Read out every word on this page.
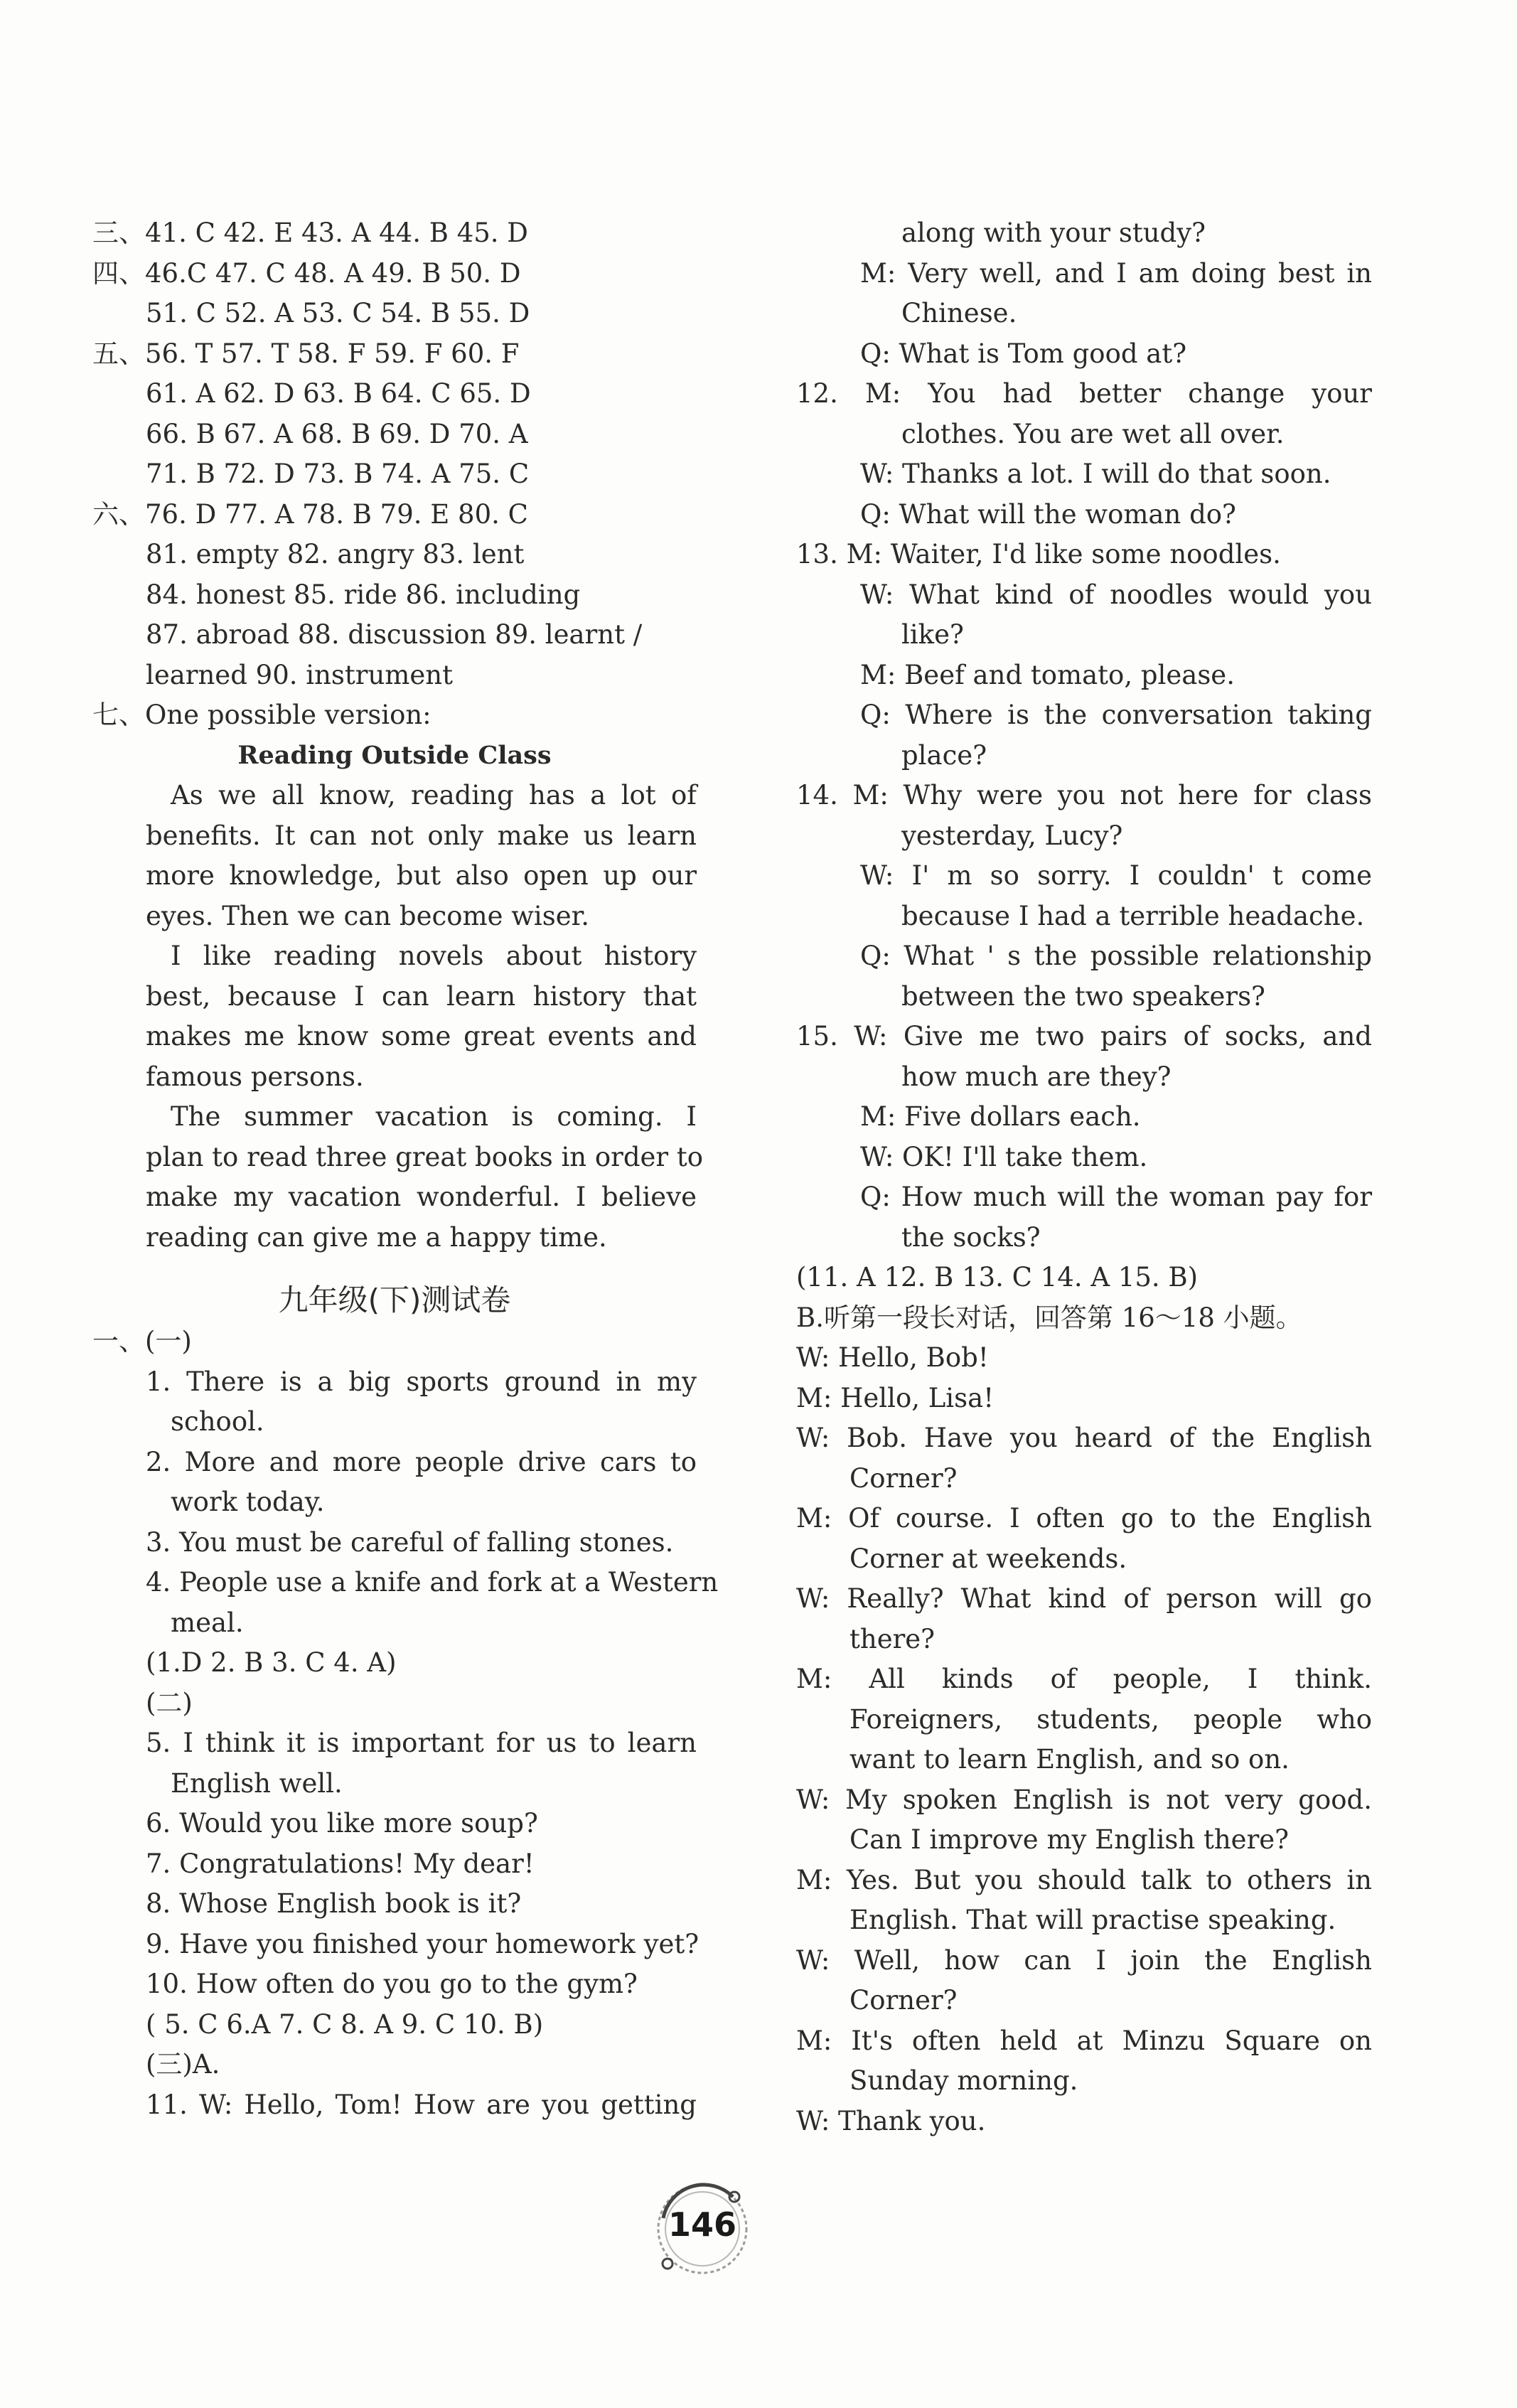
三、41. C 42. E 43. A 44. B 45. D
四、46.C 47. C 48. A 49. B 50. D
51. C 52. A 53. C 54. B 55. D
五、56. T 57. T 58. F 59. F 60. F
61. A 62. D 63. B 64. C 65. D
66. B 67. A 68. B 69. D 70. A
71. B 72. D 73. B 74. A 75. C
六、76. D 77. A 78. B 79. E 80. C
81. empty 82. angry 83. lent
84. honest 85. ride 86. including
87. abroad 88. discussion 89. learnt /
learned 90. instrument
七、One possible version:
Reading Outside Class
As we all know, reading has a lot of
benefits. It can not only make us learn
more knowledge, but also open up our
eyes. Then we can become wiser.
I like reading novels about history
best, because I can learn history that
makes me know some great events and
famous persons.
The summer vacation is coming. I
plan to read three great books in order to
make my vacation wonderful. I believe
reading can give me a happy time.
九年级(下)测试卷
一、(一)
1. There is a big sports ground in my
school.
2. More and more people drive cars to
work today.
3. You must be careful of falling stones.
4. People use a knife and fork at a Western
meal.
(1.D 2. B 3. C 4. A)
(二)
5. I think it is important for us to learn
English well.
6. Would you like more soup?
7. Congratulations! My dear!
8. Whose English book is it?
9. Have you finished your homework yet?
10. How often do you go to the gym?
( 5. C 6.A 7. C 8. A 9. C 10. B)
(三)A.
11. W: Hello, Tom! How are you getting
along with your study?
M: Very well, and I am doing best in
Chinese.
Q: What is Tom good at?
12. M: You had better change your
clothes. You are wet all over.
W: Thanks a lot. I will do that soon.
Q: What will the woman do?
13. M: Waiter, I'd like some noodles.
W: What kind of noodles would you
like?
M: Beef and tomato, please.
Q: Where is the conversation taking
place?
14. M: Why were you not here for class
yesterday, Lucy?
W: I' m so sorry. I couldn' t come
because I had a terrible headache.
Q: What ' s the possible relationship
between the two speakers?
15. W: Give me two pairs of socks, and
how much are they?
M: Five dollars each.
W: OK! I'll take them.
Q: How much will the woman pay for
the socks?
(11. A 12. B 13. C 14. A 15. B)
B.听第一段长对话，回答第 16～18 小题。
W: Hello, Bob!
M: Hello, Lisa!
W: Bob. Have you heard of the English
Corner?
M: Of course. I often go to the English
Corner at weekends.
W: Really? What kind of person will go
there?
M: All kinds of people, I think.
Foreigners, students, people who
want to learn English, and so on.
W: My spoken English is not very good.
Can I improve my English there?
M: Yes. But you should talk to others in
English. That will practise speaking.
W: Well, how can I join the English
Corner?
M: It's often held at Minzu Square on
Sunday morning.
W: Thank you.
146
